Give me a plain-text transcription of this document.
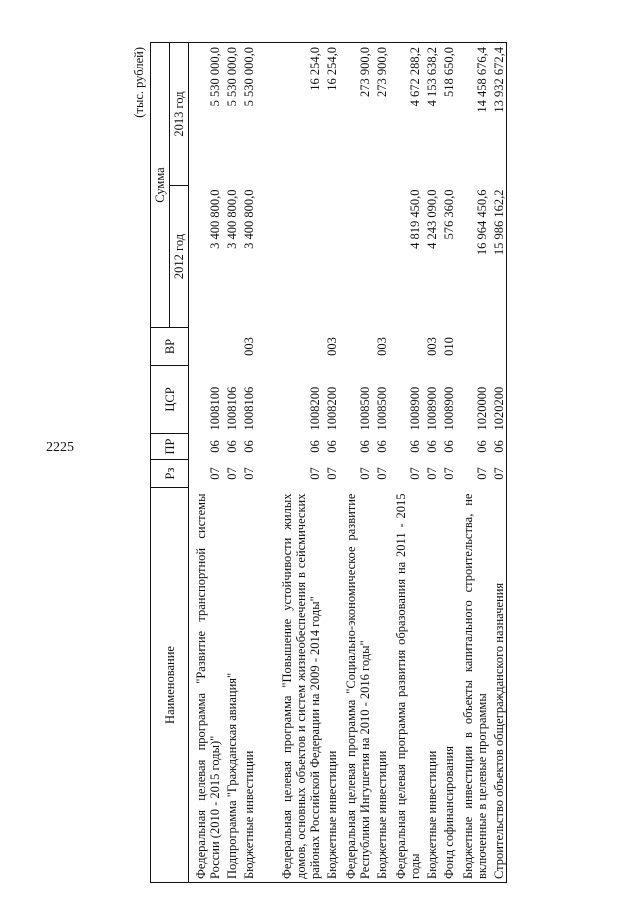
2225
(тыс. рублей)
Наименование	Рз	ПР	ЦСР	ВР	Сумма	
					2012 год	2013 год
Федеральная целевая программа "Развитие транспортной системы России (2010 - 2015 годы)"	07	06	1008100		3 400 800,0	5 530 000,0
Подпрограмма "Гражданская авиация"	07	06	1008106		3 400 800,0	5 530 000,0
Бюджетные инвестиции	07	06	1008106	003	3 400 800,0	5 530 000,0
Федеральная целевая программа "Повышение устойчивости жилых домов, основных объектов и систем жизнеобеспечения в сейсмических районах Российской Федерации на 2009 - 2014 годы"	07	06	1008200			16 254,0
Бюджетные инвестиции	07	06	1008200	003		16 254,0
Федеральная целевая программа "Социально-экономическое развитие Республики Ингушетия на 2010 - 2016 годы"	07	06	1008500			273 900,0
Бюджетные инвестиции	07	06	1008500	003		273 900,0
Федеральная целевая программа развития образования на 2011 - 2015 годы	07	06	1008900		4 819 450,0	4 672 288,2
Бюджетные инвестиции	07	06	1008900	003	4 243 090,0	4 153 638,2
Фонд софинансирования	07	06	1008900	010	576 360,0	518 650,0
Бюджетные инвестиции в объекты капитального строительства, не включенные в целевые программы	07	06	1020000		16 964 450,6	14 458 676,4
Строительство объектов общегражданского назначения	07	06	1020200		15 986 162,2	13 932 672,4
